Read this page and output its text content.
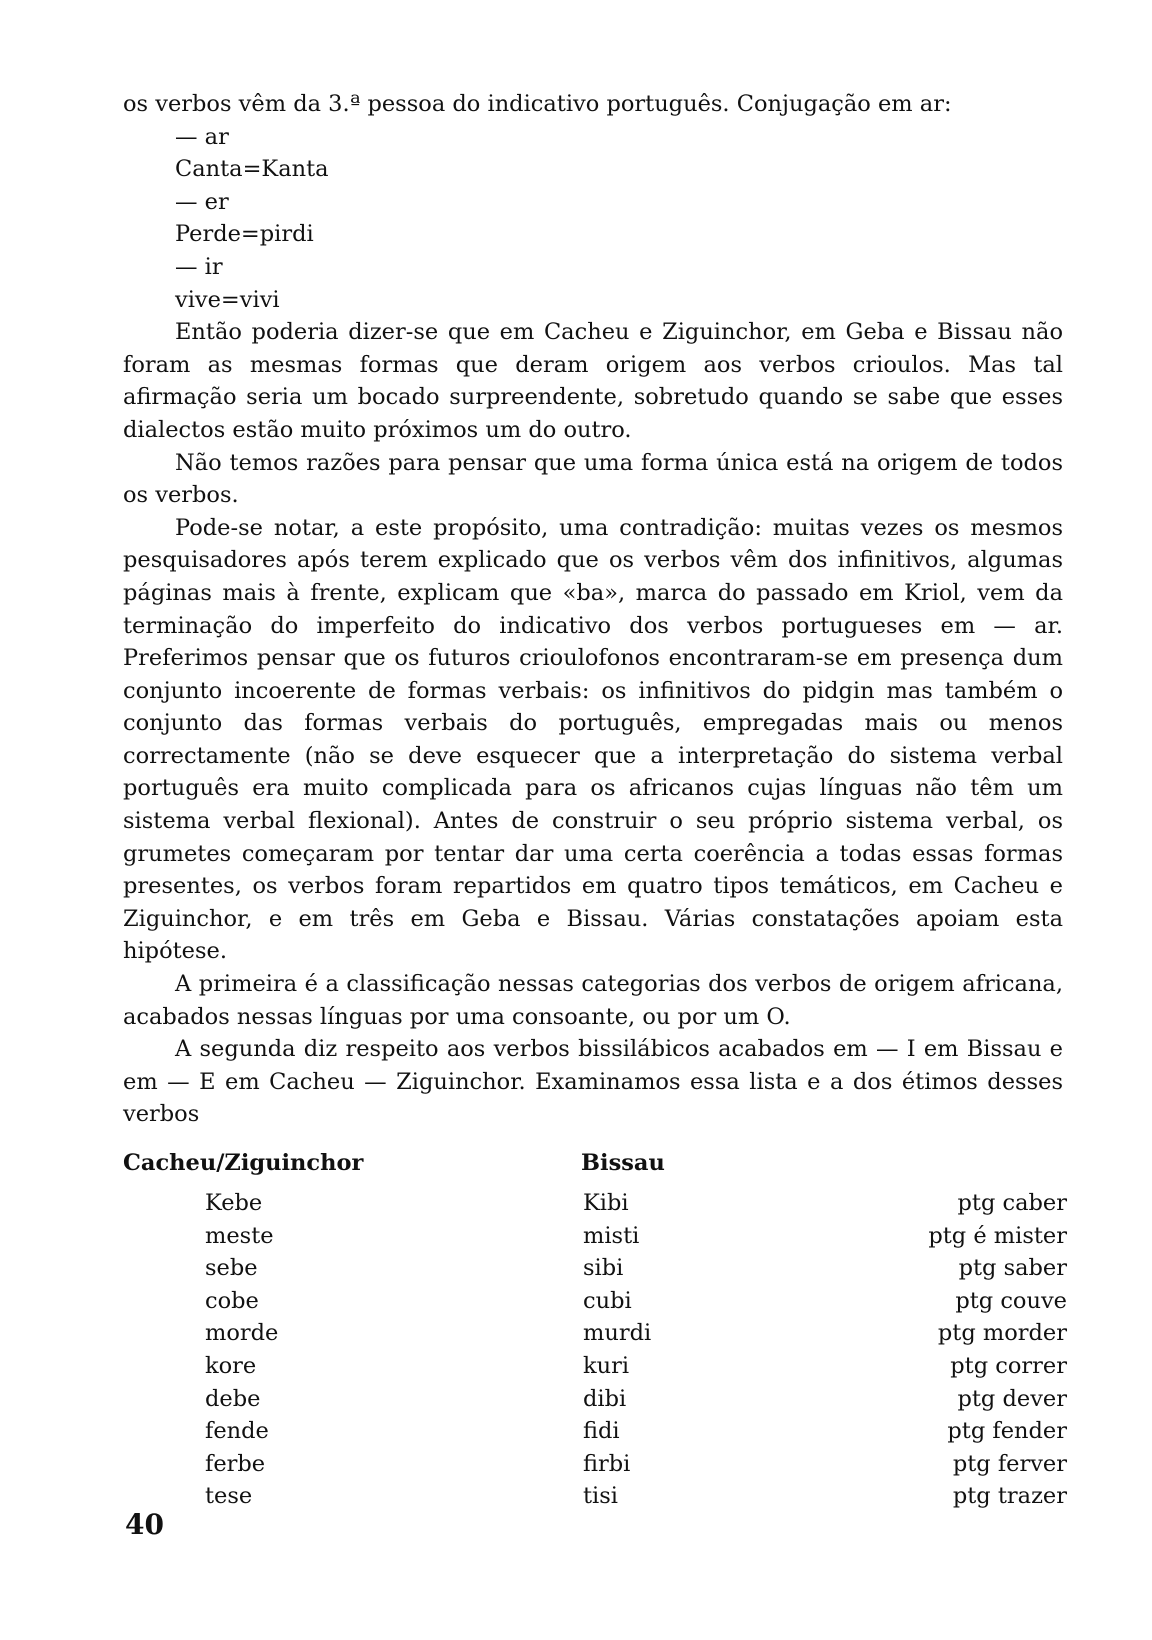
os verbos vêm da 3.ª pessoa do indicativo português. Conjugação em ar:

— ar

Canta=Kanta

— er

Perde=pirdi

— ir

vive=vivi

Então poderia dizer-se que em Cacheu e Ziguinchor, em Geba e Bissau não foram as mesmas formas que deram origem aos verbos crioulos. Mas tal afirmação seria um bocado surpreendente, sobretudo quando se sabe que esses dialectos estão muito próximos um do outro.

Não temos razões para pensar que uma forma única está na origem de todos os verbos.

Pode-se notar, a este propósito, uma contradição: muitas vezes os mesmos pesquisadores após terem explicado que os verbos vêm dos infinitivos, algumas páginas mais à frente, explicam que «ba», marca do passado em Kriol, vem da terminação do imperfeito do indicativo dos verbos portugueses em — ar. Preferimos pensar que os futuros crioulofonos encontraram-se em presença dum conjunto incoerente de formas verbais: os infinitivos do pidgin mas também o conjunto das formas verbais do português, empregadas mais ou menos correctamente (não se deve esquecer que a interpretação do sistema verbal português era muito complicada para os africanos cujas línguas não têm um sistema verbal flexional). Antes de construir o seu próprio sistema verbal, os grumetes começaram por tentar dar uma certa coerência a todas essas formas presentes, os verbos foram repartidos em quatro tipos temáticos, em Cacheu e Ziguinchor, e em três em Geba e Bissau. Várias constatações apoiam esta hipótese.

A primeira é a classificação nessas categorias dos verbos de origem africana, acabados nessas línguas por uma consoante, ou por um O.

A segunda diz respeito aos verbos bissilábicos acabados em — I em Bissau e em — E em Cacheu — Ziguinchor. Examinamos essa lista e a dos étimos desses verbos

Cacheu/Ziguinchor	Bissau
Kebe	Kibi	ptg caber
meste	misti	ptg é mister
sebe	sibi	ptg saber
cobe	cubi	ptg couve
morde	murdi	ptg morder
kore	kuri	ptg correr
debe	dibi	ptg dever
fende	fidi	ptg fender
ferbe	firbi	ptg ferver
tese	tisi	ptg trazer
40
